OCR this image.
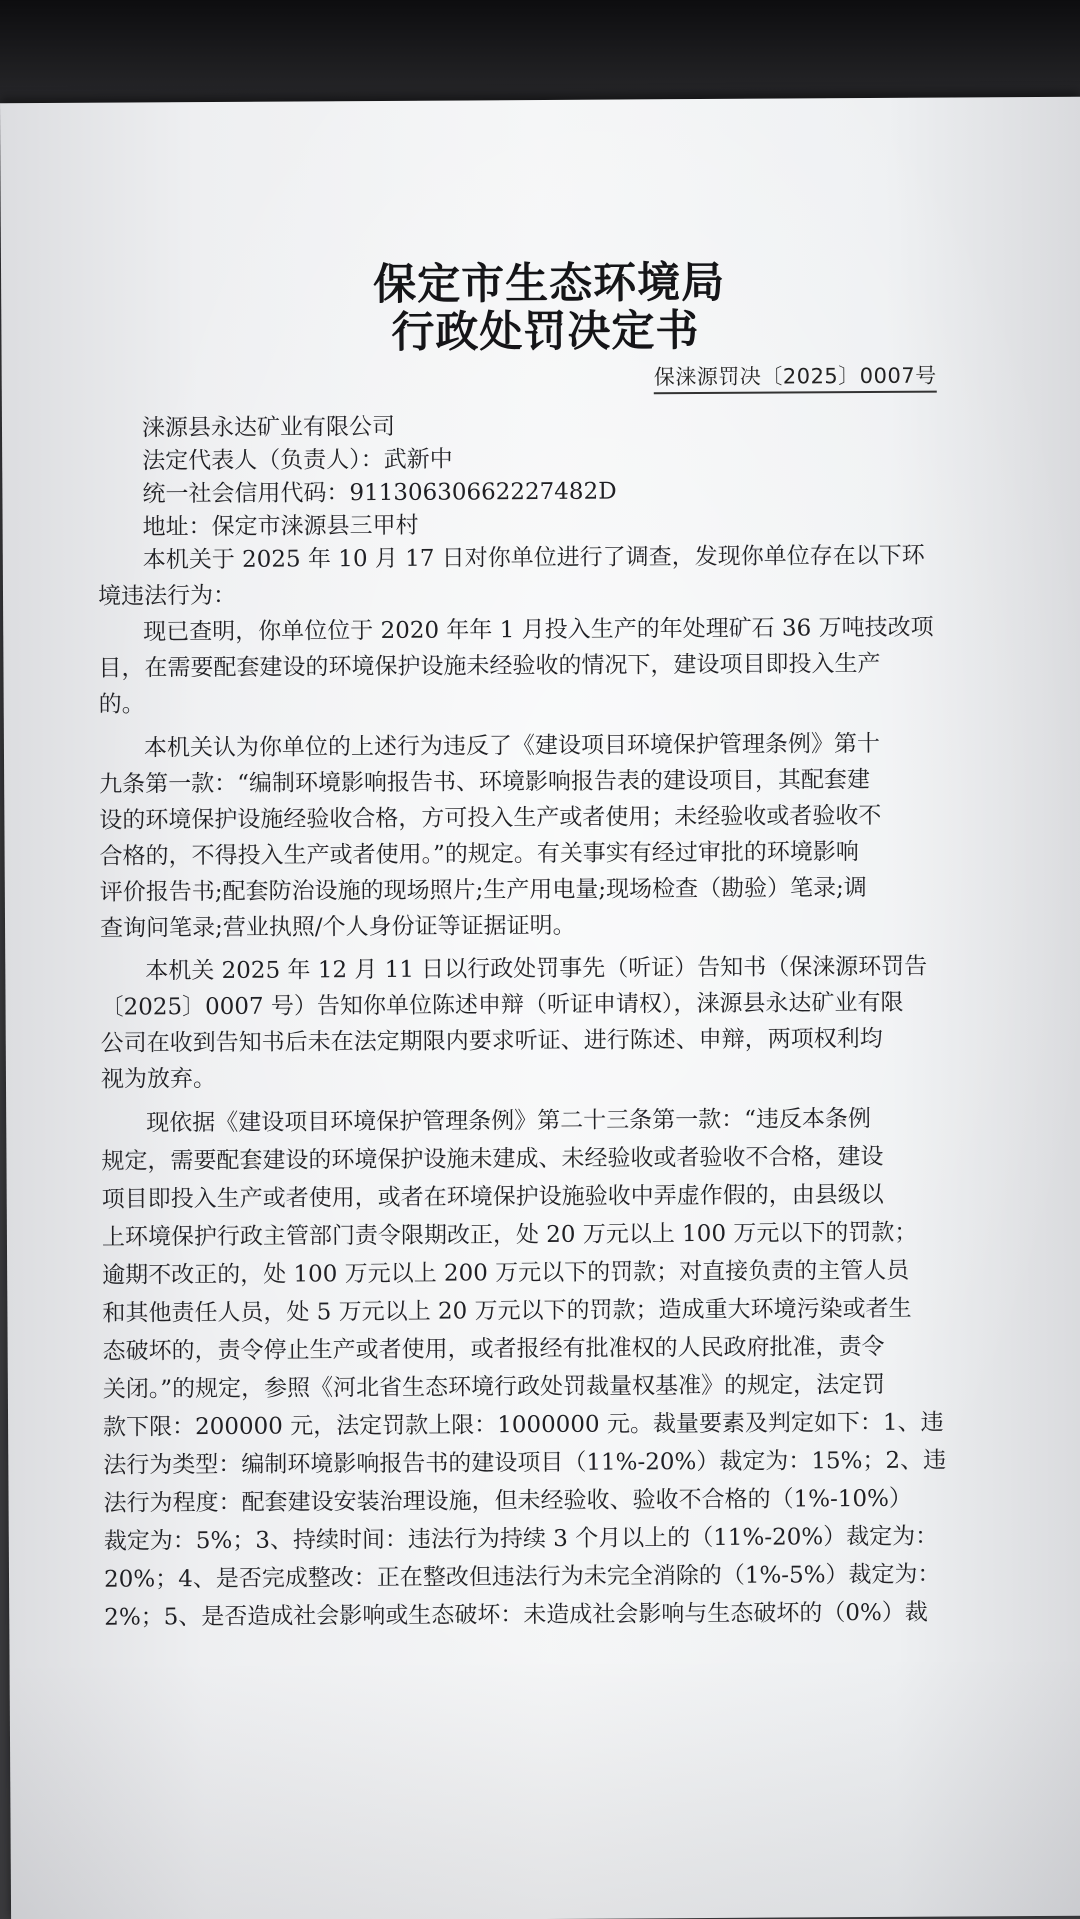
保定市生态环境局
行政处罚决定书
保涞源罚决〔2025〕0007号
涞源县永达矿业有限公司
法定代表人（负责人）：武新中
统一社会信用代码：91130630662227482D
地址：保定市涞源县三甲村
本机关于 2025 年 10 月 17 日对你单位进行了调查，发现你单位存在以下环
境违法行为：
现已查明，你单位位于 2020 年年 1 月投入生产的年处理矿石 36 万吨技改项
目，在需要配套建设的环境保护设施未经验收的情况下，建设项目即投入生产
的。
本机关认为你单位的上述行为违反了《建设项目环境保护管理条例》第十
九条第一款：“编制环境影响报告书、环境影响报告表的建设项目，其配套建
设的环境保护设施经验收合格，方可投入生产或者使用；未经验收或者验收不
合格的，不得投入生产或者使用。”的规定。有关事实有经过审批的环境影响
评价报告书;配套防治设施的现场照片;生产用电量;现场检查（勘验）笔录;调
查询问笔录;营业执照/个人身份证等证据证明。
本机关 2025 年 12 月 11 日以行政处罚事先（听证）告知书（保涞源环罚告
〔2025〕0007 号）告知你单位陈述申辩（听证申请权），涞源县永达矿业有限
公司在收到告知书后未在法定期限内要求听证、进行陈述、申辩，两项权利均
视为放弃。
现依据《建设项目环境保护管理条例》第二十三条第一款：“违反本条例
规定，需要配套建设的环境保护设施未建成、未经验收或者验收不合格，建设
项目即投入生产或者使用，或者在环境保护设施验收中弄虚作假的，由县级以
上环境保护行政主管部门责令限期改正，处 20 万元以上 100 万元以下的罚款；
逾期不改正的，处 100 万元以上 200 万元以下的罚款；对直接负责的主管人员
和其他责任人员，处 5 万元以上 20 万元以下的罚款；造成重大环境污染或者生
态破坏的，责令停止生产或者使用，或者报经有批准权的人民政府批准，责令
关闭。”的规定，参照《河北省生态环境行政处罚裁量权基准》的规定，法定罚
款下限：200000 元，法定罚款上限：1000000 元。裁量要素及判定如下：1、违
法行为类型：编制环境影响报告书的建设项目（11%-20%）裁定为：15%；2、违
法行为程度：配套建设安装治理设施，但未经验收、验收不合格的（1%-10%）
裁定为：5%；3、持续时间：违法行为持续 3 个月以上的（11%-20%）裁定为：
20%；4、是否完成整改：正在整改但违法行为未完全消除的（1%-5%）裁定为：
2%；5、是否造成社会影响或生态破坏：未造成社会影响与生态破坏的（0%）裁
